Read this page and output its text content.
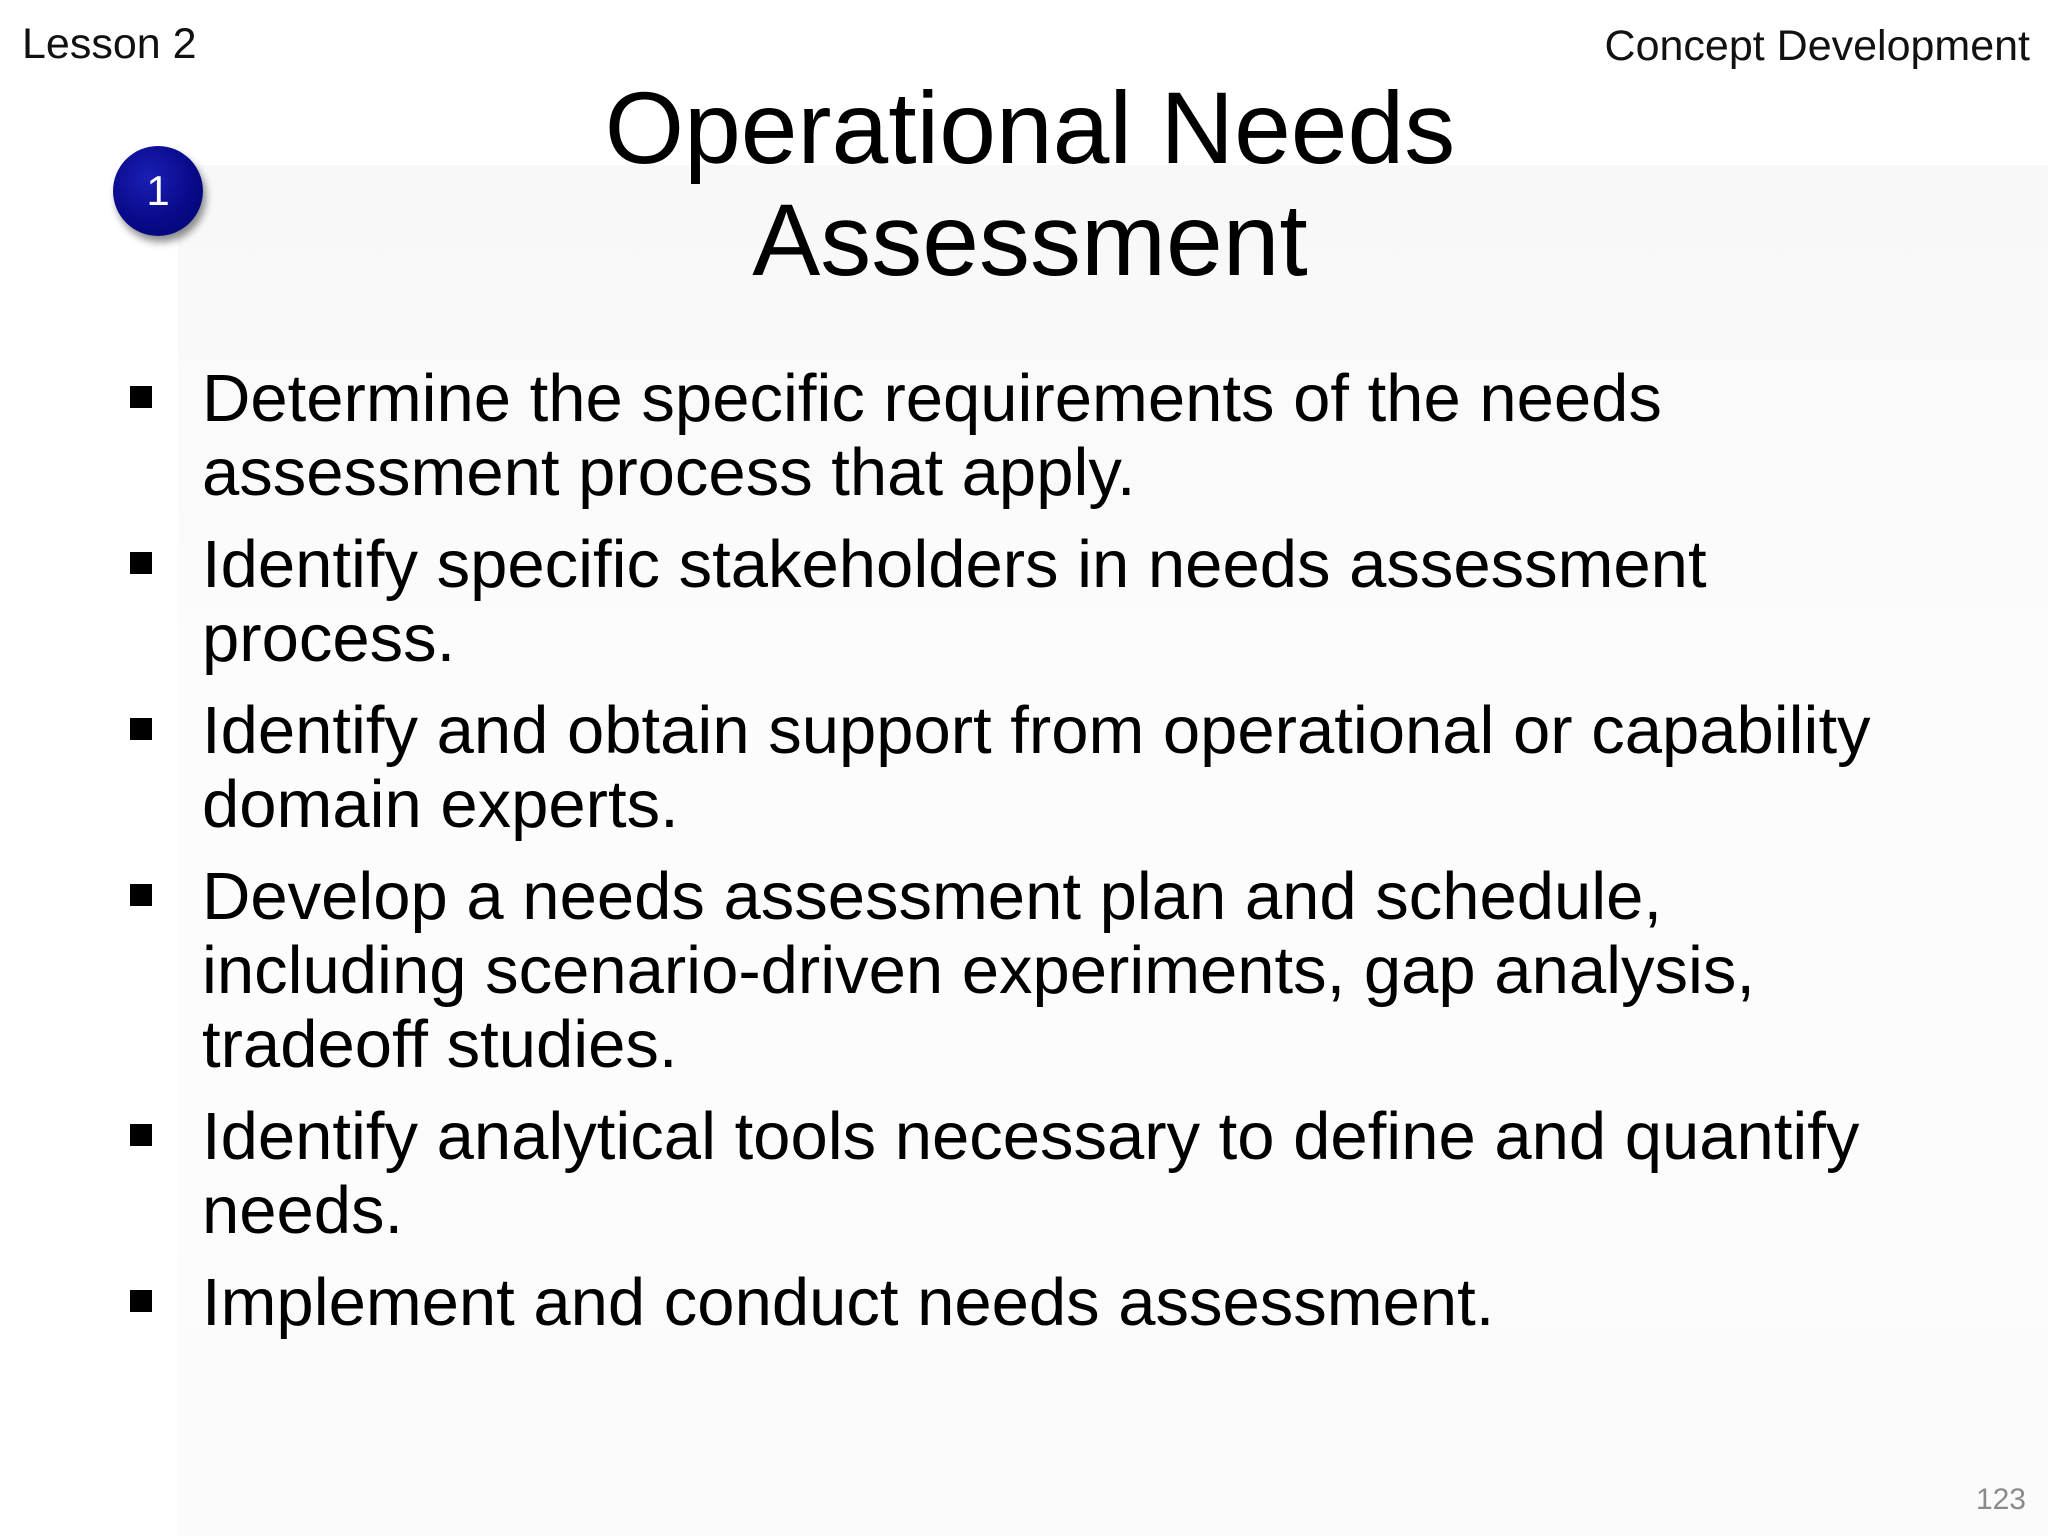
Lesson 2	Concept Development
1
Operational Needs
Assessment
Determine the specific requirements of the needs assessment process that apply.
Identify specific stakeholders in needs assessment process.
Identify and obtain support from operational or capability domain experts.
Develop a needs assessment plan and schedule, including scenario-driven experiments, gap analysis, tradeoff studies.
Identify analytical tools necessary to define and quantify needs.
Implement and conduct needs assessment.
123
